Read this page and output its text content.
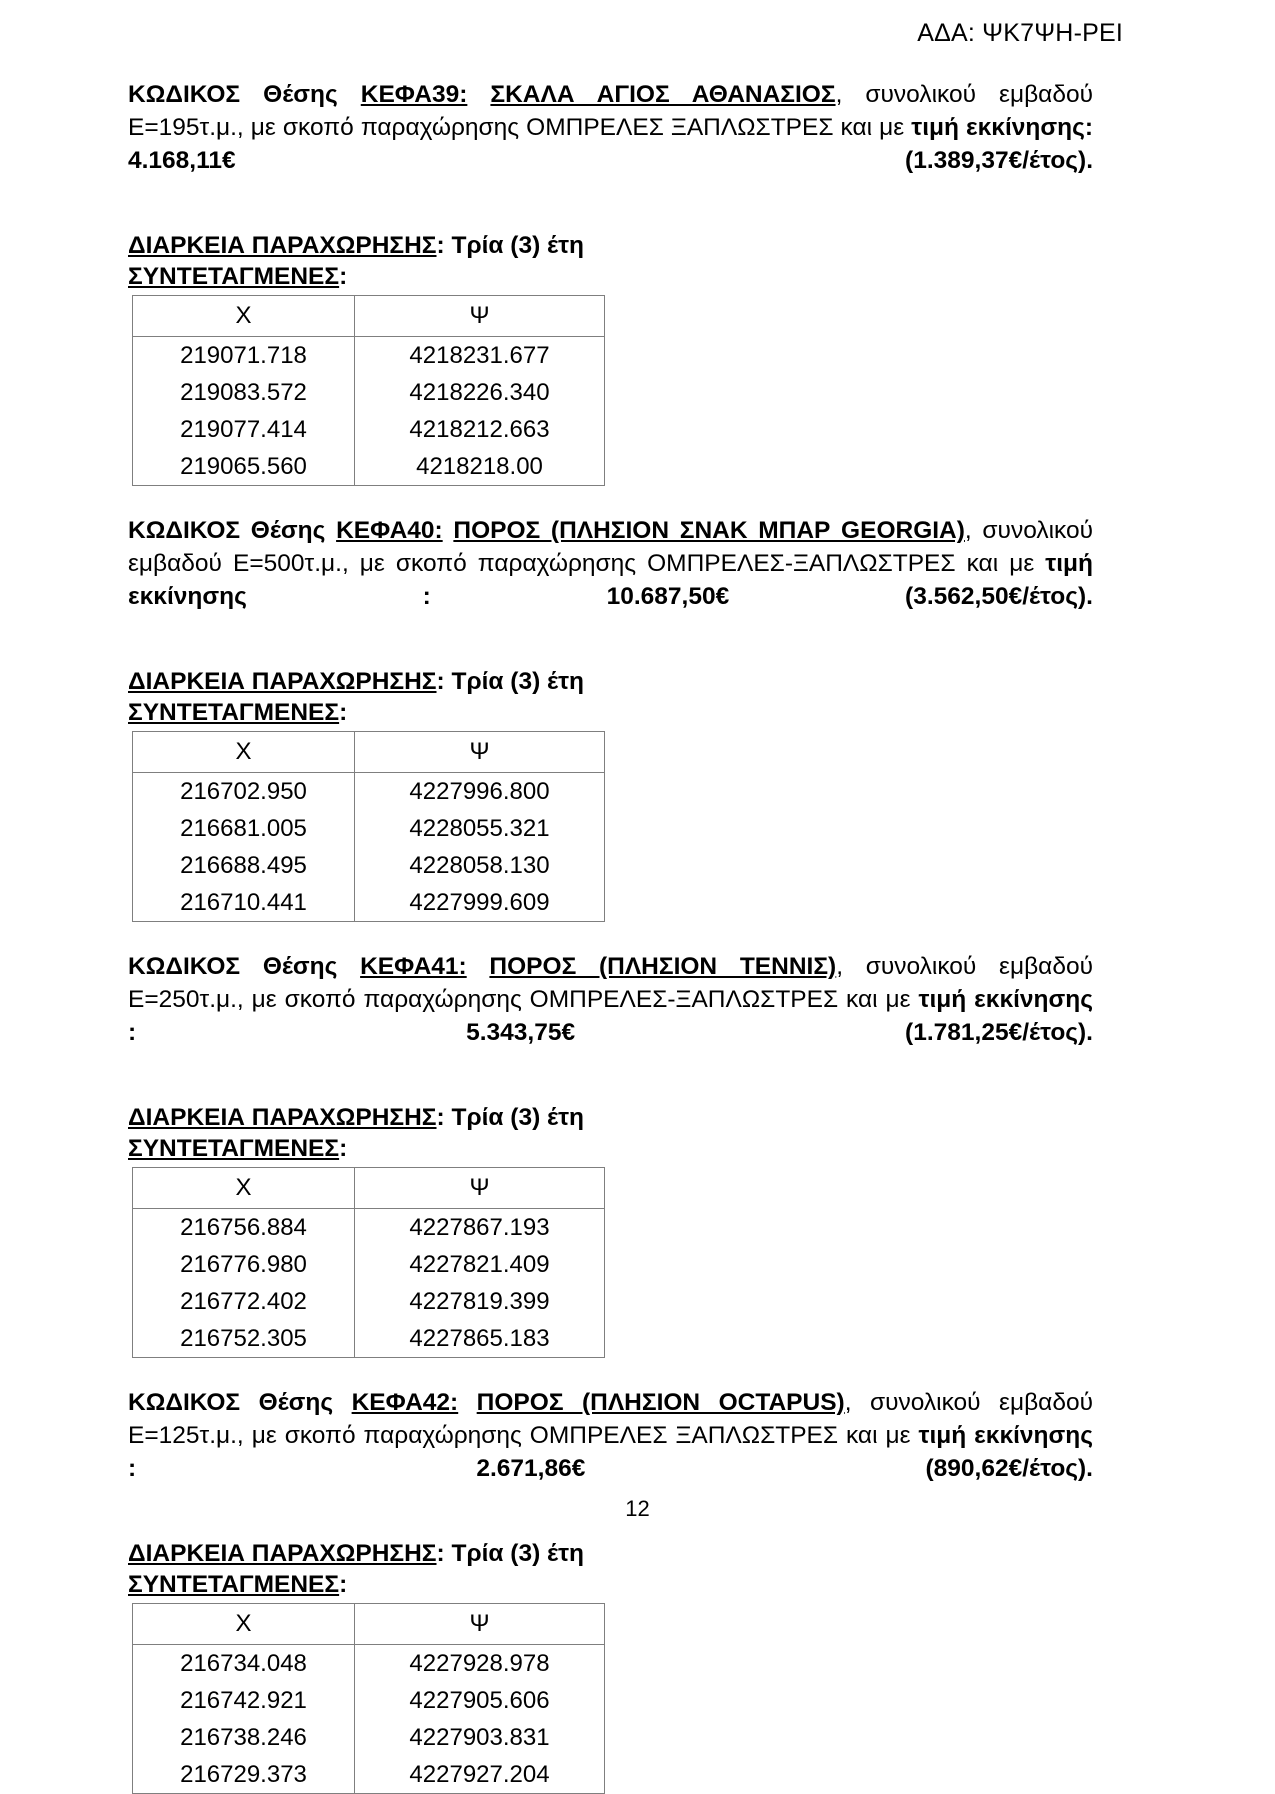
ΑΔΑ: ΨΚ7ΨΗ-ΡΕΙ

ΚΩΔΙΚΟΣ Θέσης ΚΕΦΑ39: ΣΚΑΛΑ ΑΓΙΟΣ ΑΘΑΝΑΣΙΟΣ, συνολικού εμβαδού Ε=195τ.μ., με σκοπό παραχώρησης ΟΜΠΡΕΛΕΣ ΞΑΠΛΩΣΤΡΕΣ και με τιμή εκκίνησης: 4.168,11€ (1.389,37€/έτος).

ΔΙΑΡΚΕΙΑ ΠΑΡΑΧΩΡΗΣΗΣ: Τρία (3) έτη

ΣΥΝΤΕΤΑΓΜΕΝΕΣ:

Χ	Ψ
219071.718	4218231.677
219083.572	4218226.340
219077.414	4218212.663
219065.560	4218218.00

ΚΩΔΙΚΟΣ Θέσης ΚΕΦΑ40: ΠΟΡΟΣ (ΠΛΗΣΙΟΝ ΣΝΑΚ ΜΠΑΡ GEORGIA), συνολικού εμβαδού Ε=500τ.μ., με σκοπό παραχώρησης ΟΜΠΡΕΛΕΣ-ΞΑΠΛΩΣΤΡΕΣ και με τιμή εκκίνησης : 10.687,50€ (3.562,50€/έτος).

ΔΙΑΡΚΕΙΑ ΠΑΡΑΧΩΡΗΣΗΣ: Τρία (3) έτη

ΣΥΝΤΕΤΑΓΜΕΝΕΣ:

Χ	Ψ
216702.950	4227996.800
216681.005	4228055.321
216688.495	4228058.130
216710.441	4227999.609

ΚΩΔΙΚΟΣ Θέσης ΚΕΦΑ41: ΠΟΡΟΣ (ΠΛΗΣΙΟΝ ΤΕΝΝΙΣ), συνολικού εμβαδού Ε=250τ.μ., με σκοπό παραχώρησης ΟΜΠΡΕΛΕΣ-ΞΑΠΛΩΣΤΡΕΣ και με τιμή εκκίνησης : 5.343,75€ (1.781,25€/έτος).

ΔΙΑΡΚΕΙΑ ΠΑΡΑΧΩΡΗΣΗΣ: Τρία (3) έτη

ΣΥΝΤΕΤΑΓΜΕΝΕΣ:

Χ	Ψ
216756.884	4227867.193
216776.980	4227821.409
216772.402	4227819.399
216752.305	4227865.183

ΚΩΔΙΚΟΣ Θέσης ΚΕΦΑ42: ΠΟΡΟΣ (ΠΛΗΣΙΟΝ OCTAPUS), συνολικού εμβαδού Ε=125τ.μ., με σκοπό παραχώρησης ΟΜΠΡΕΛΕΣ ΞΑΠΛΩΣΤΡΕΣ και με τιμή εκκίνησης : 2.671,86€ (890,62€/έτος).

ΔΙΑΡΚΕΙΑ ΠΑΡΑΧΩΡΗΣΗΣ: Τρία (3) έτη

ΣΥΝΤΕΤΑΓΜΕΝΕΣ:

Χ	Ψ
216734.048	4227928.978
216742.921	4227905.606
216738.246	4227903.831
216729.373	4227927.204
12
